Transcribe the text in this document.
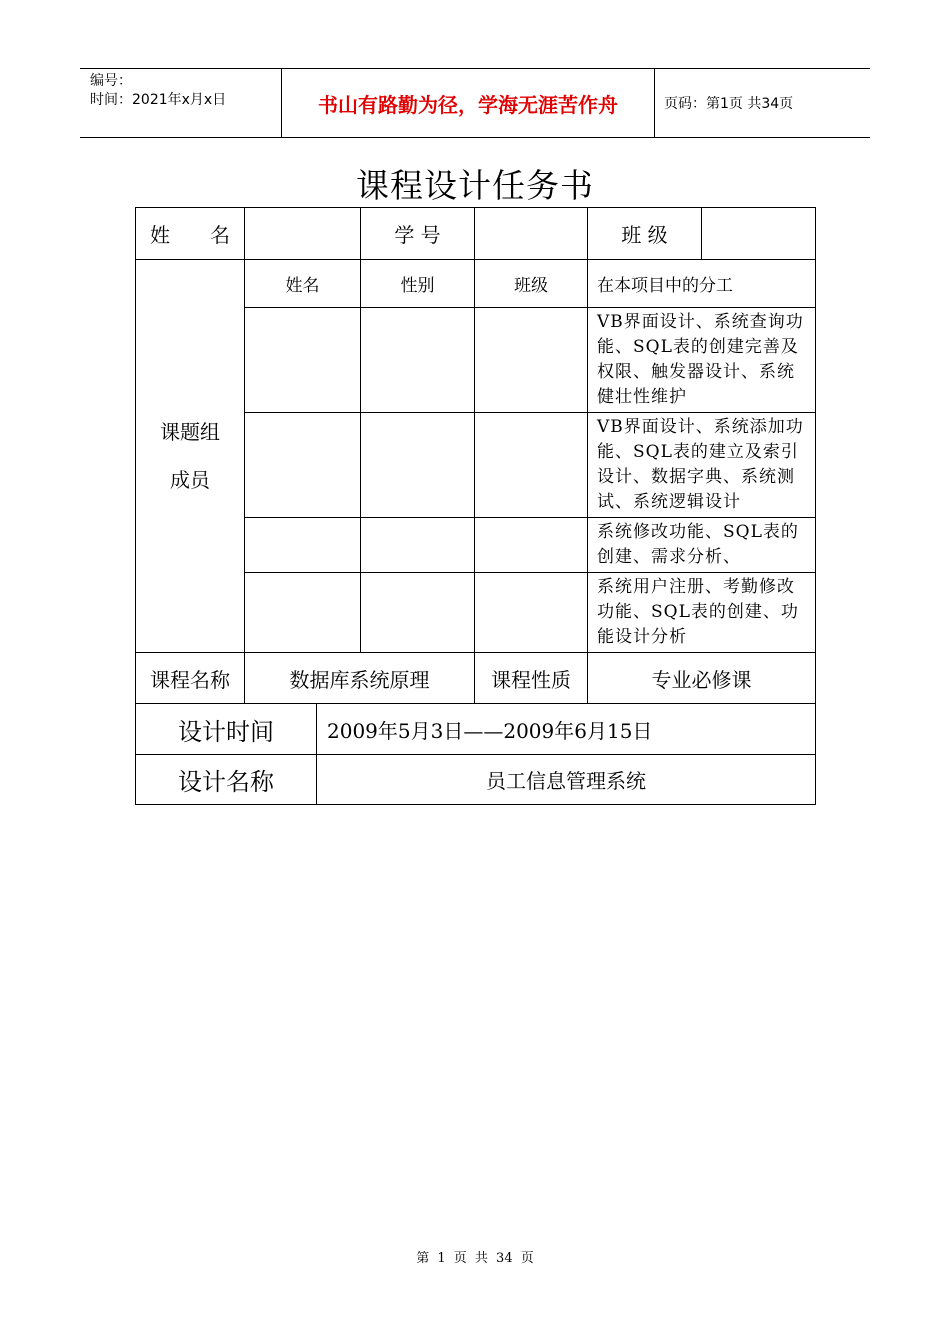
编号：
时间：2021年x月x日	书山有路勤为径，学海无涯苦作舟	页码：第1页 共34页
课程设计任务书
姓　　名			学 号		班 级	

课题组
成员	姓名		性别	班级	在本项目中的分工	
					VB界面设计、系统查询功能、SQL表的创建完善及权限、触发器设计、系统健壮性维护	
					VB界面设计、系统添加功能、SQL表的建立及索引设计、数据字典、系统测试、系统逻辑设计	
					系统修改功能、SQL表的创建、需求分析、	
					系统用户注册、考勤修改功能、SQL表的创建、功能设计分析	
课程名称	数据库系统原理			课程性质	专业必修课	
设计时间		2009年5月3日——2009年6月15日				
设计名称		员工信息管理系统				
第 1 页 共 34 页
